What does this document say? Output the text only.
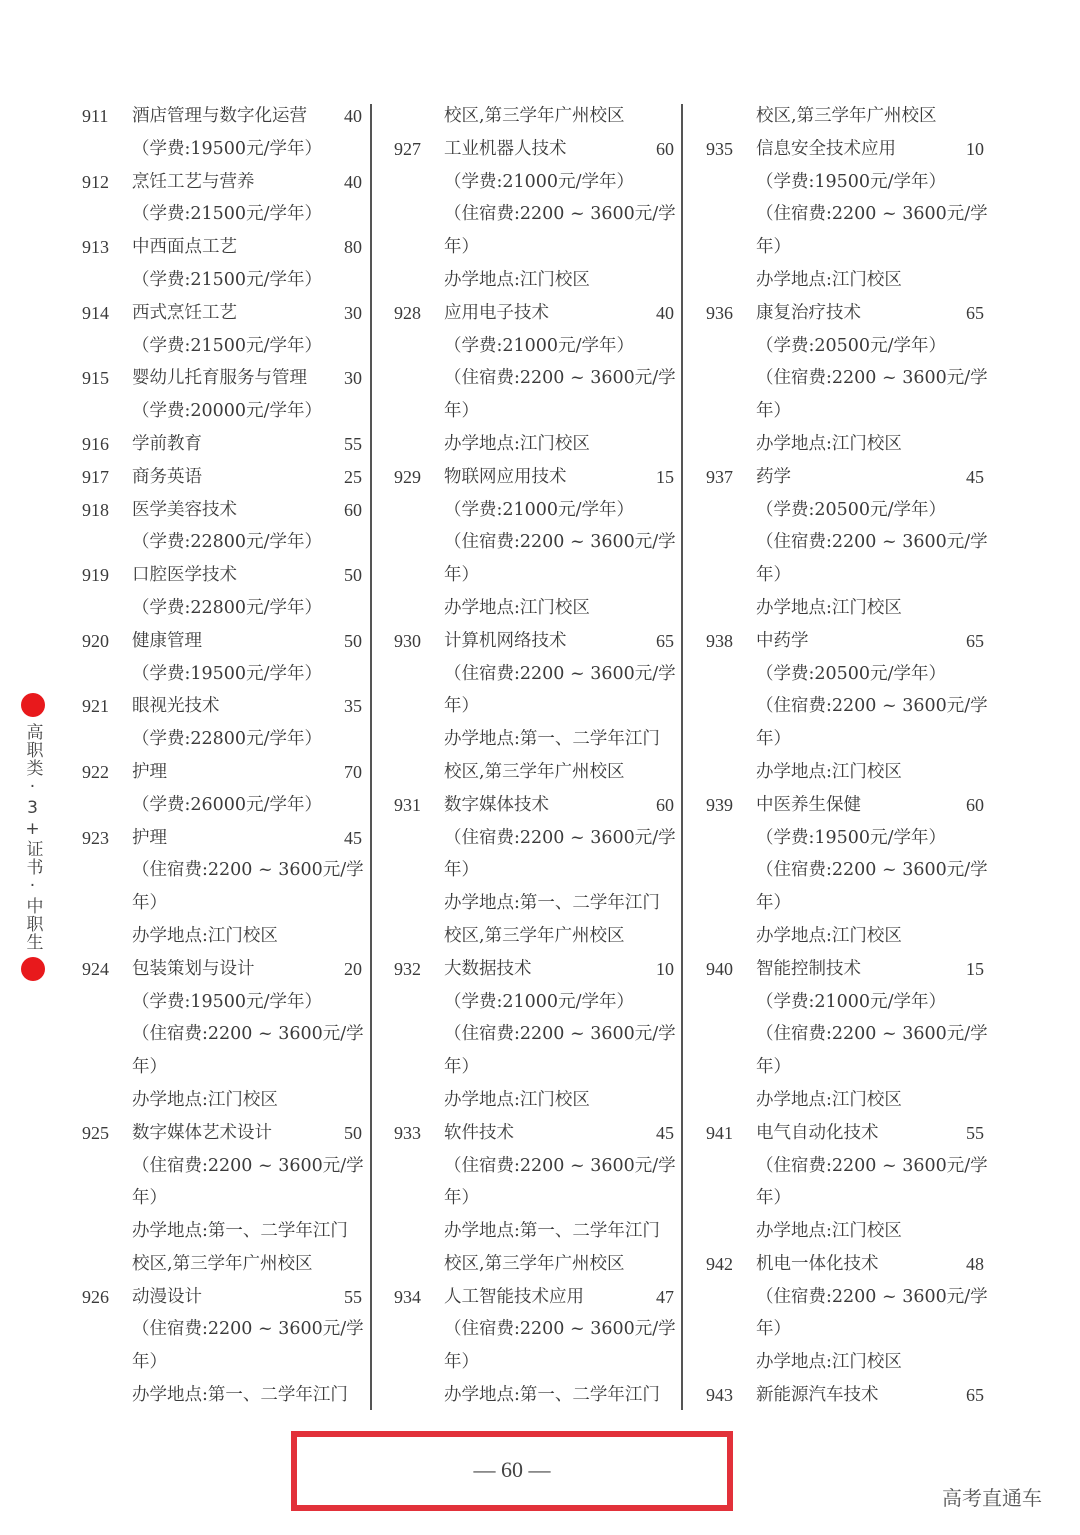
911 酒店管理与数字化运营 40
（学费:19500元/学年）
912 烹饪工艺与营养	40
（学费:21500元/学年）
913 中西面点工艺	80
（学费:21500元/学年）
914 西式烹饪工艺	30
（学费:21500元/学年）
915 婴幼儿托育服务与管理 30
（学费:20000元/学年）
916 学前教育	55
917 商务英语	25
918 医学美容技术	60
（学费:22800元/学年）
919 口腔医学技术	50
（学费:22800元/学年）
920 健康管理	50
（学费:19500元/学年）
921 眼视光技术	35
（学费:22800元/学年）
922 护理	70
（学费:26000元/学年）
923 护理	45
（住宿费:2200 ~ 3600元/学
年）
办学地点:江门校区
924 包装策划与设计	20
（学费:19500元/学年）
（住宿费:2200 ~ 3600元/学
年）
办学地点:江门校区
925 数字媒体艺术设计	50
（住宿费:2200 ~ 3600元/学
年）
办学地点:第一、二学年江门
校区,第三学年广州校区
926 动漫设计	55
（住宿费:2200 ~ 3600元/学
年）
办学地点:第一、二学年江门
校区,第三学年广州校区
927 工业机器人技术	60
（学费:21000元/学年）
（住宿费:2200 ~ 3600元/学
年）
办学地点:江门校区
928 应用电子技术	40
（学费:21000元/学年）
（住宿费:2200 ~ 3600元/学
年）
办学地点:江门校区
929 物联网应用技术	15
（学费:21000元/学年）
（住宿费:2200 ~ 3600元/学
年）
办学地点:江门校区
930 计算机网络技术	65
（住宿费:2200 ~ 3600元/学
年）
办学地点:第一、二学年江门
校区,第三学年广州校区
931 数字媒体技术	60
（住宿费:2200 ~ 3600元/学
年）
办学地点:第一、二学年江门
校区,第三学年广州校区
932 大数据技术	10
（学费:21000元/学年）
（住宿费:2200 ~ 3600元/学
年）
办学地点:江门校区
933 软件技术	45
（住宿费:2200 ~ 3600元/学
年）
办学地点:第一、二学年江门
校区,第三学年广州校区
934 人工智能技术应用	47
（住宿费:2200 ~ 3600元/学
年）
办学地点:第一、二学年江门
校区,第三学年广州校区
935 信息安全技术应用	10
（学费:19500元/学年）
（住宿费:2200 ~ 3600元/学
年）
办学地点:江门校区
936 康复治疗技术	65
（学费:20500元/学年）
（住宿费:2200 ~ 3600元/学
年）
办学地点:江门校区
937 药学	45
（学费:20500元/学年）
（住宿费:2200 ~ 3600元/学
年）
办学地点:江门校区
938 中药学	65
（学费:20500元/学年）
（住宿费:2200 ~ 3600元/学
年）
办学地点:江门校区
939 中医养生保健	60
（学费:19500元/学年）
（住宿费:2200 ~ 3600元/学
年）
办学地点:江门校区
940 智能控制技术	15
（学费:21000元/学年）
（住宿费:2200 ~ 3600元/学
年）
办学地点:江门校区
941 电气自动化技术	55
（住宿费:2200 ~ 3600元/学
年）
办学地点:江门校区
942 机电一体化技术	48
（住宿费:2200 ~ 3600元/学
年）
办学地点:江门校区
943 新能源汽车技术	65
高职类·3+证书·中职生
— 60 —
高考直通车
